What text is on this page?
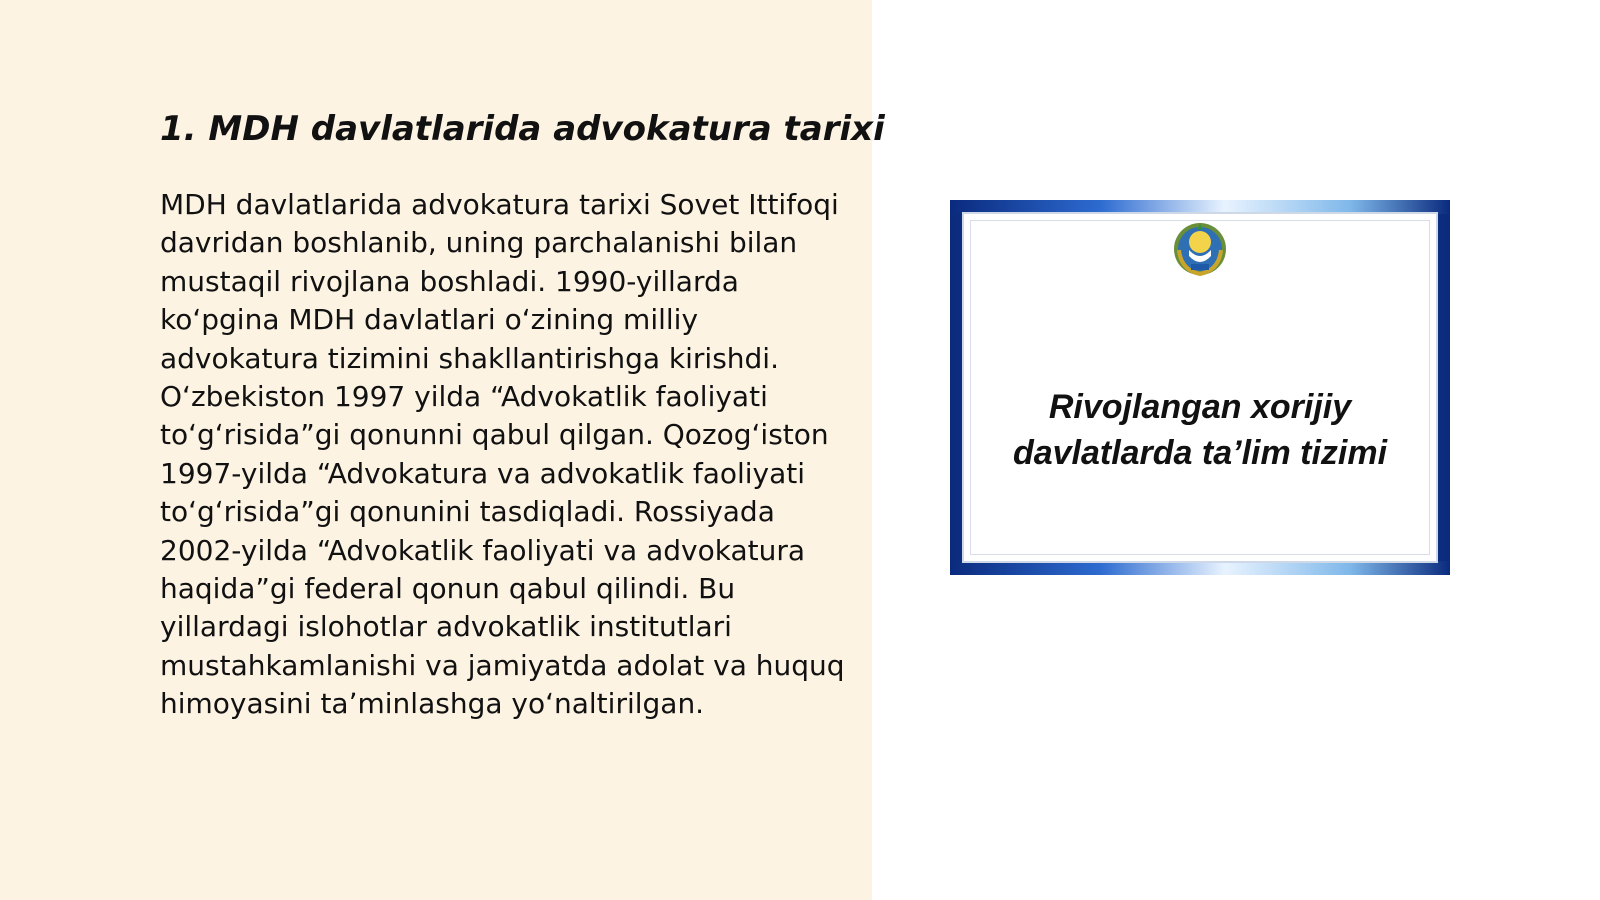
1. MDH davlatlarida advokatura tarixi

MDH davlatlarida advokatura tarixi Sovet Ittifoqi davridan boshlanib, uning parchalanishi bilan mustaqil rivojlana boshladi. 1990-yillarda koʻpgina MDH davlatlari oʻzining milliy advokatura tizimini shakllantirishga kirishdi. Oʻzbekiston 1997 yilda “Advokatlik faoliyati toʻgʻrisida”gi qonunni qabul qilgan. Qozogʻiston 1997-yilda “Advokatura va advokatlik faoliyati toʻgʻrisida”gi qonunini tasdiqladi. Rossiyada 2002-yilda “Advokatlik faoliyati va advokatura haqida”gi federal qonun qabul qilindi. Bu yillardagi islohotlar advokatlik institutlari mustahkamlanishi va jamiyatda adolat va huquq himoyasini taʼminlashga yoʻnaltirilgan.

Rivojlangan xorijiy
davlatlarda ta’lim tizimi
